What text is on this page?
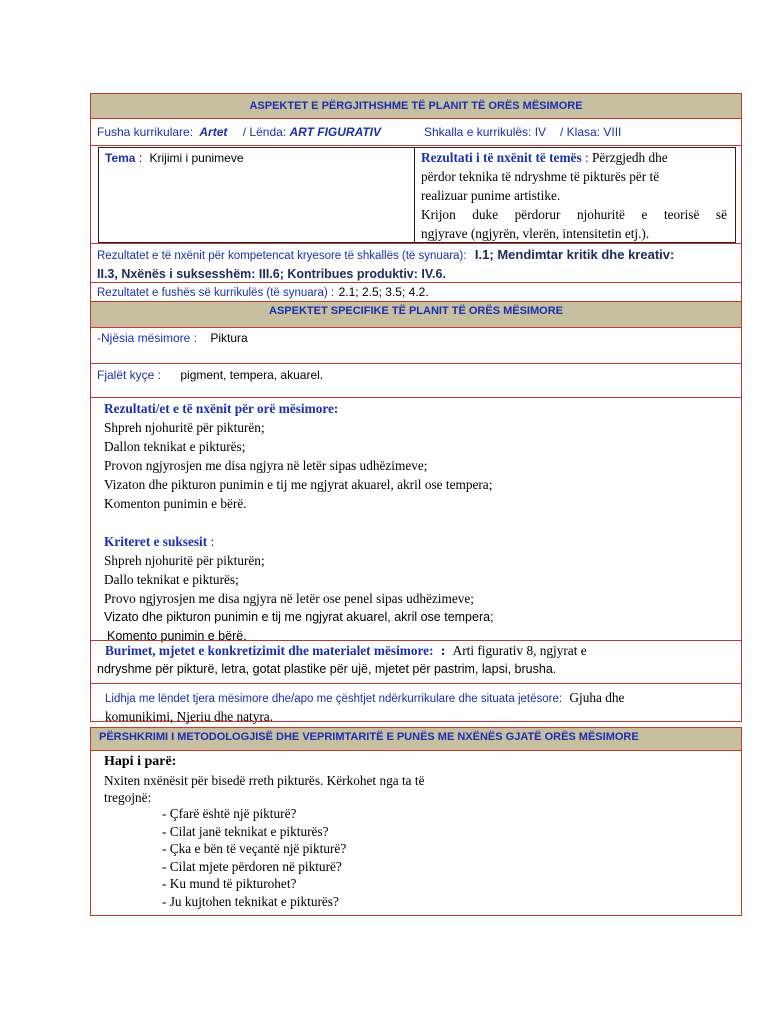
ASPEKTET E PËRGJITHSHME TË PLANIT TË ORËS MËSIMORE
Fusha kurrikulare: Artet / Lënda: ART FIGURATIV	Shkalla e kurrikulës: IV / Klasa: VIII
Tema : Krijimi i punimeve	Rezultati i të nxënit të temës : Përzgjedh dhe
përdor teknika të ndryshme të pikturës për të
realizuar punime artistike.
Krijon duke përdorur njohuritë e teorisë së
ngjyrave (ngjyrën, vlerën, intensitetin etj.).
Rezultatet e të nxënit për kompetencat kryesore të shkallës (të synuara): I.1; Mendimtar kritik dhe kreativ:
II.3, Nxënës i suksesshëm: III.6; Kontribues produktiv: IV.6.
Rezultatet e fushës së kurrikulës (të synuara) : 2.1; 2.5; 3.5; 4.2.
ASPEKTET SPECIFIKE TË PLANIT TË ORËS MËSIMORE
-Njësia mësimore : Piktura
Fjalët kyçe : pigment, tempera, akuarel.
Rezultati/et e të nxënit për orë mësimore:
Shpreh njohuritë për pikturën;
Dallon teknikat e pikturës;
Provon ngjyrosjen me disa ngjyra në letër sipas udhëzimeve;
Vizaton dhe pikturon punimin e tij me ngjyrat akuarel, akril ose tempera;
Komenton punimin e bërë.
Kriteret e suksesit :
Shpreh njohuritë për pikturën;
Dallo teknikat e pikturës;
Provo ngjyrosjen me disa ngjyra në letër ose penel sipas udhëzimeve;
Vizato dhe pikturon punimin e tij me ngjyrat akuarel, akril ose tempera;
Komento punimin e bërë.
Burimet, mjetet e konkretizimit dhe materialet mësimore: : Arti figurativ 8, ngjyrat e
ndryshme për pikturë, letra, gotat plastike për ujë, mjetet për pastrim, lapsi, brusha.
Lidhja me lëndet tjera mësimore dhe/apo me çështjet ndërkurrikulare dhe situata jetësore: Gjuha dhe
komunikimi, Njeriu dhe natyra.
PËRSHKRIMI I METODOLOGJISË DHE VEPRIMTARITË E PUNËS ME NXËNËS GJATË ORËS MËSIMORE
Hapi i parë:
Nxiten nxënësit për bisedë rreth pikturës. Kërkohet nga ta të
tregojnë:
- Çfarë është një pikturë?
- Cilat janë teknikat e pikturës?
- Çka e bën të veçantë një pikturë?
- Cilat mjete përdoren në pikturë?
- Ku mund të pikturohet?
- Ju kujtohen teknikat e pikturës?
